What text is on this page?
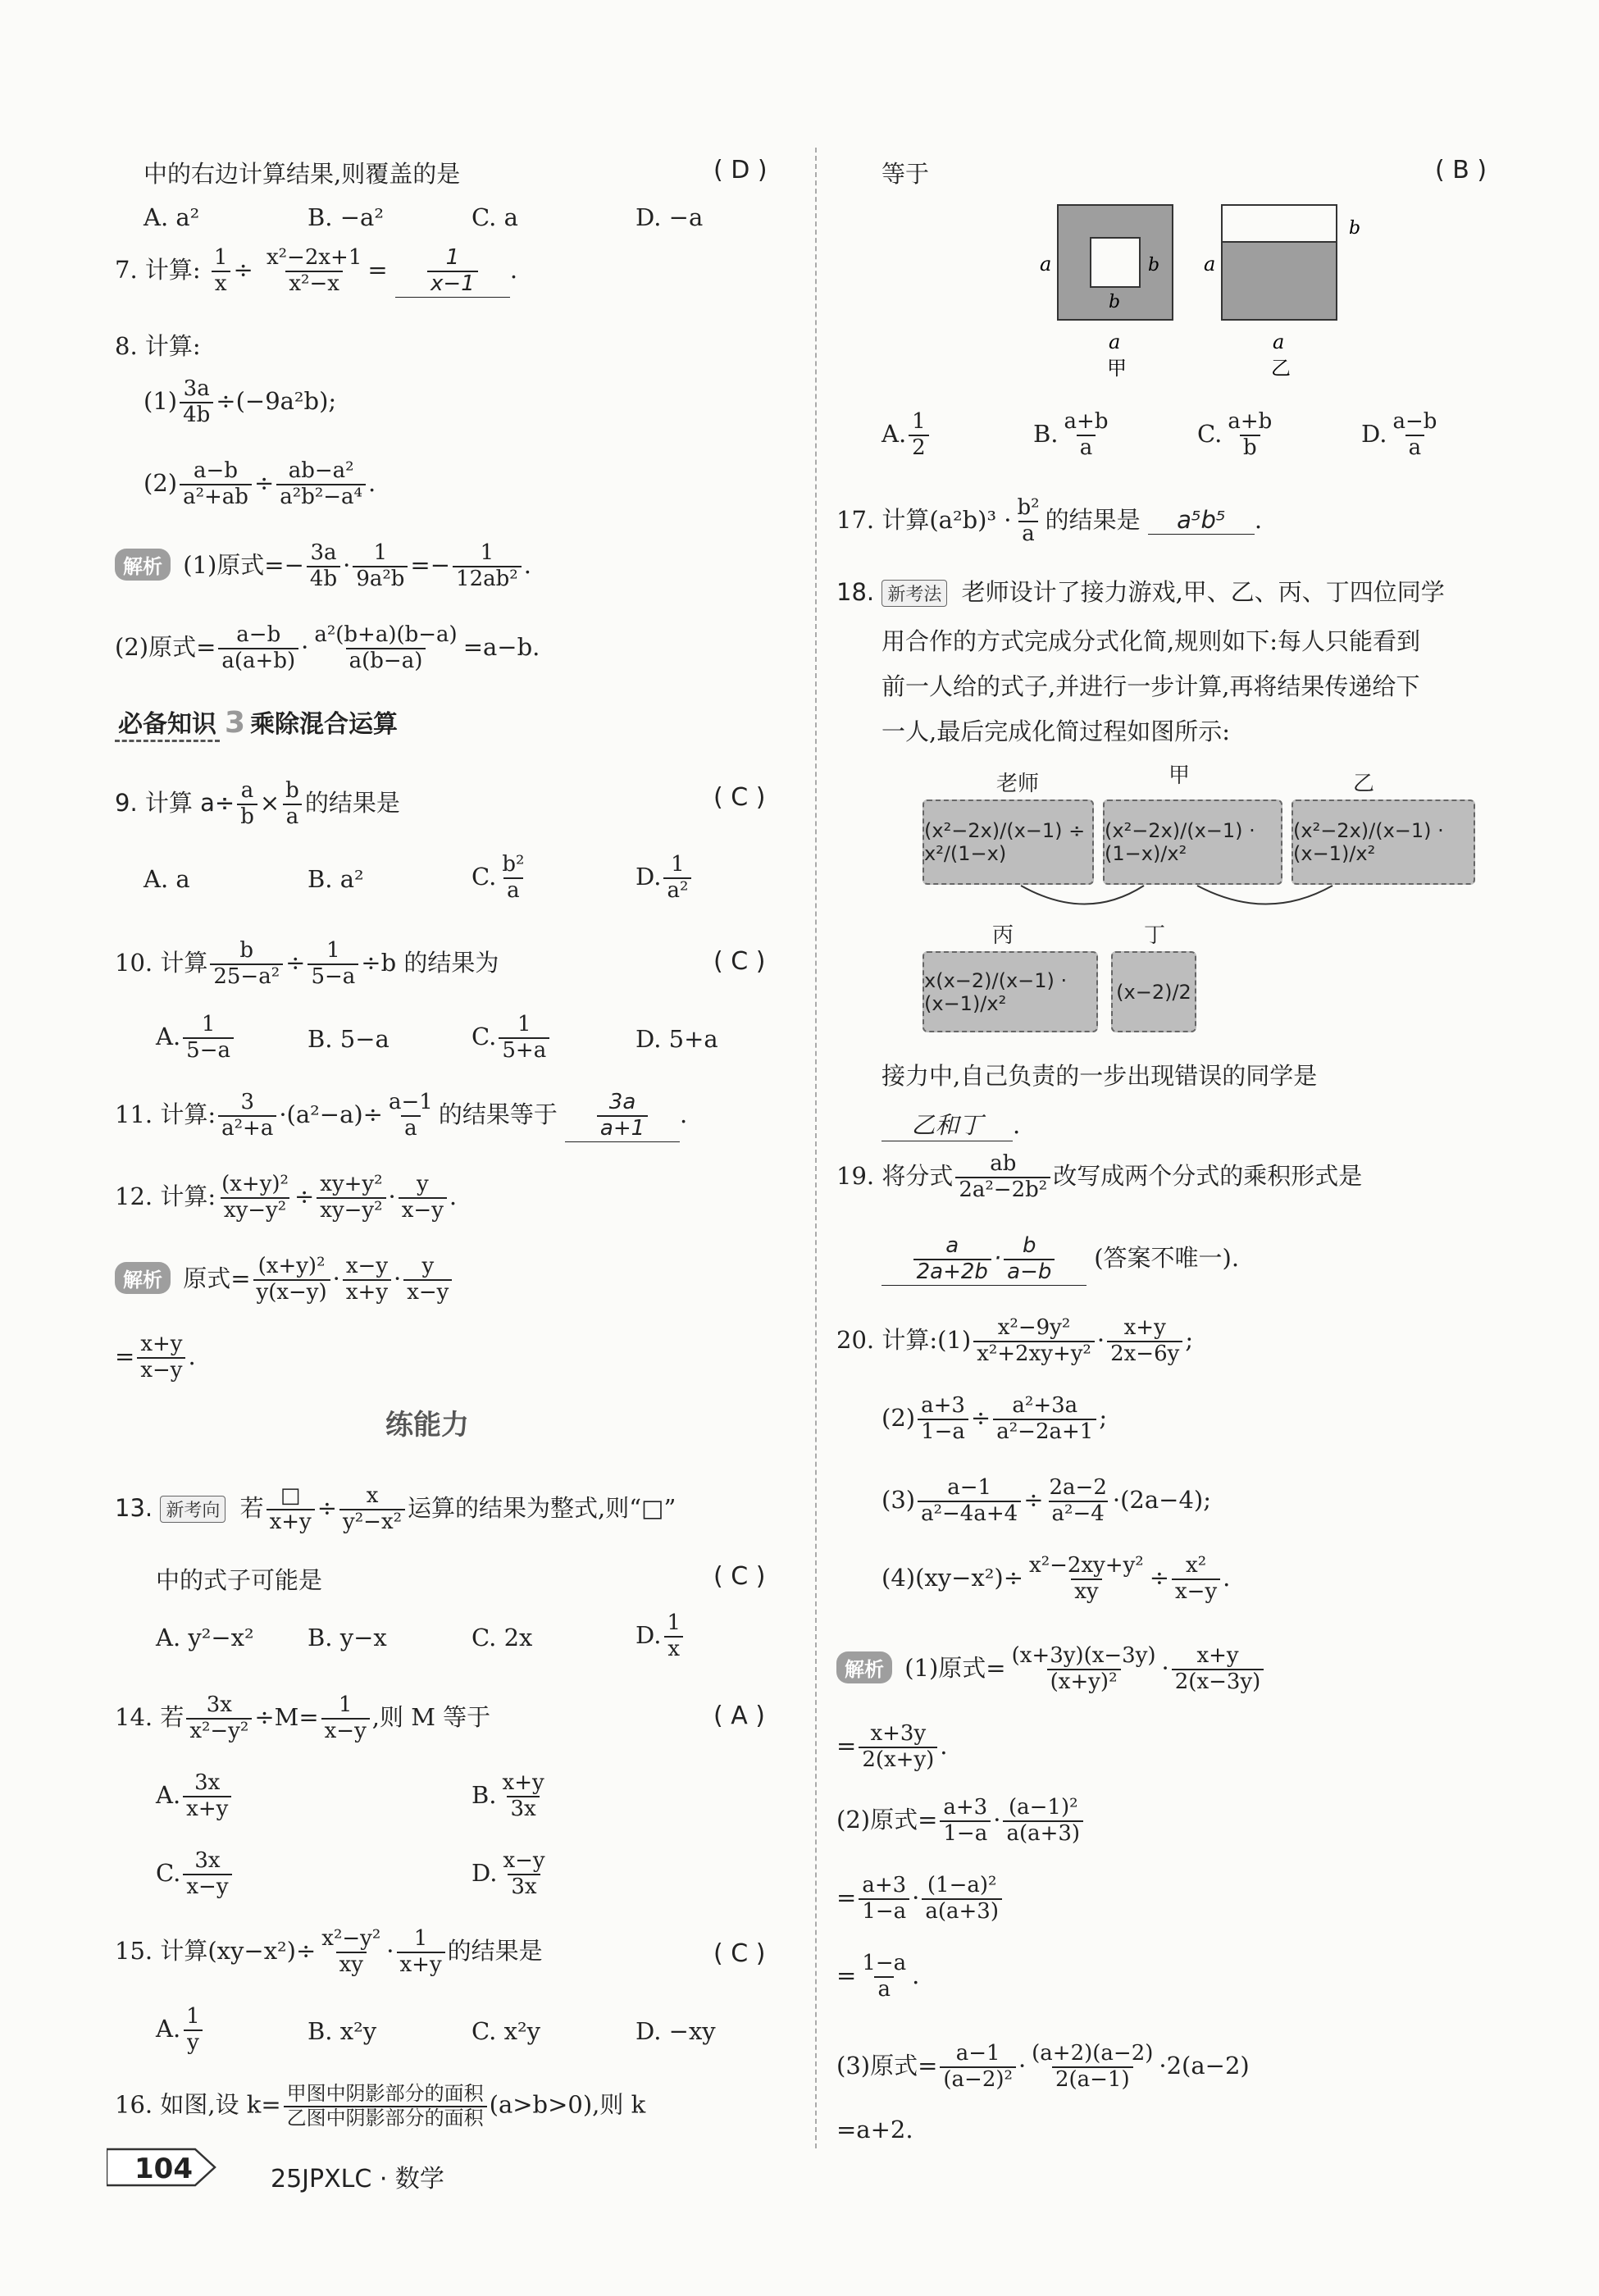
中的右边计算结果,则覆盖的是	( D )
A. a²	B. −a²	C. a	D. −a
7. 计算: $\frac{1}{x} \div \frac{\text{x²−2x+1}}{\text{x²−x}} = \frac{1}{x-1}$ .
8. 计算:
$(1) \frac{3a}{4b} \div(-9a^2b)$;
$(2) \frac{a-b}{\text{a²+ab}} \div \frac{\text{ab−a²}}{\text{a²b²−a⁴}}$ .
解析 (1)原式=− $\frac{3a}{4b} \cdot \frac{1}{\text{9a²b}} =- \frac{1}{\text{12ab²}}$ .
(2)原式= $\frac{a-b}{a(a+b)} \cdot \frac{\text{a²(b+a)(b−a)}}{a(b-a)} =a-b$.
必备知识 3 乘除混合运算
9. 计算 $a\div \frac{a}{b} \times \frac{b}{a}$ 的结果是	( C )
A. a	B. a²	C. $\frac{\text{b²}}{a}$	D. $\frac{1}{\text{a²}}$
10. 计算 $\frac{b}{\text{25−a²}} \div \frac{1}{5-a} \div b$ 的结果为	( C )
A. $\frac{1}{5-a}$	B. 5−a	C. $\frac{1}{5+a}$	D. 5+a
11. 计算: $\frac{3}{\text{a²+a}} \cdot(a^2-a)\div \frac{a-1}{a}$ 的结果等于 $\frac{3a}{a+1}$ .
12. 计算: $\frac{\text{(x+y)²}}{\text{xy−y²}} \div \frac{\text{xy+y²}}{\text{xy−y²}} \cdot \frac{y}{x-y}$ .
解析 原式= $\frac{\text{(x+y)²}}{y(x-y)} \cdot \frac{x-y}{x+y} \cdot \frac{y}{x-y}$
= $\frac{x+y}{x-y}$ .
练能力
13. 新考向 若 $\frac{□}{x+y} \div \frac{x}{\text{y²−x²}}$ 运算的结果为整式,则“□”
中的式子可能是	( C )
A. y²−x² B. y−x	C. 2x	D. $\frac{1}{x}$
14. 若 $\frac{3x}{\text{x²−y²}} \div M= \frac{1}{x-y}$ ,则 M 等于	( A )
A. $\frac{3x}{x+y}$	B. $\frac{x+y}{3x}$
C. $\frac{3x}{x-y}$	D. $\frac{x-y}{3x}$
15. 计算$(xy-x^2)\div \frac{\text{x²−y²}}{xy} \cdot \frac{1}{x+y}$ 的结果是	( C )
A. $\frac{1}{y}$	B. x²y	C. x²y	D. −xy
16. 如图,设 $k= \frac{\text{甲图中阴影部分的面积}}{\text{乙图中阴影部分的面积}} (a>b>0)$,则 k
104	25JPXLC · 数学
等于	( B )
a
a
b
b
甲
a
b
a
乙
A. $\frac{1}{2}$	B. $\frac{a+b}{a}$	C. $\frac{a+b}{b}$	D. $\frac{a-b}{a}$
17. 计算$(a^2b)^3 \cdot \frac{\text{b²}}{a}$ 的结果是 a⁵b⁵ .
18. 新考法 老师设计了接力游戏,甲、乙、丙、丁四位同学
用合作的方式完成分式化简,规则如下:每人只能看到
前一人给的式子,并进行一步计算,再将结果传递给下
一人,最后完成化简过程如图所示:
老师	甲	乙
(x²−2x)/(x−1) ÷ x²/(1−x)
(x²−2x)/(x−1) · (1−x)/x²
(x²−2x)/(x−1) · (x−1)/x²
丙	丁
x(x−2)/(x−1) · (x−1)/x²	(x−2)/2
接力中,自己负责的一步出现错误的同学是
乙和丁 .
19. 将分式 $\frac{ab}{\text{2a²−2b²}}$ 改写成两个分式的乘积形式是
$\frac{a}{2a+2b} \cdot \frac{b}{a-b}$ (答案不唯一).
20. 计算:(1) $\frac{\text{x²−9y²}}{\text{x²+2xy+y²}} \cdot \frac{x+y}{2x-6y}$ ;
$(2) \frac{a+3}{1-a} \div \frac{\text{a²+3a}}{\text{a²−2a+1}}$ ;
$(3) \frac{a-1}{\text{a²−4a+4}} \div \frac{2a-2}{\text{a²−4}} \cdot(2a-4)$;
$(4)(xy-x^2)\div \frac{\text{x²−2xy+y²}}{xy} \div \frac{\text{x²}}{x-y}$ .
解析 (1)原式= $\frac{(x+3y)(x-3y)}{\text{(x+y)²}} \cdot \frac{x+y}{2(x-3y)}$
= $\frac{x+3y}{2(x+y)}$ .
(2)原式= $\frac{a+3}{1-a} \cdot \frac{\text{(a−1)²}}{a(a+3)}$
= $\frac{a+3}{1-a} \cdot \frac{\text{(1−a)²}}{a(a+3)}$
= $\frac{1-a}{a}$ .
(3)原式= $\frac{a-1}{\text{(a−2)²}} \cdot \frac{(a+2)(a-2)}{2(a-1)} \cdot 2(a-2)$
=a+2.
